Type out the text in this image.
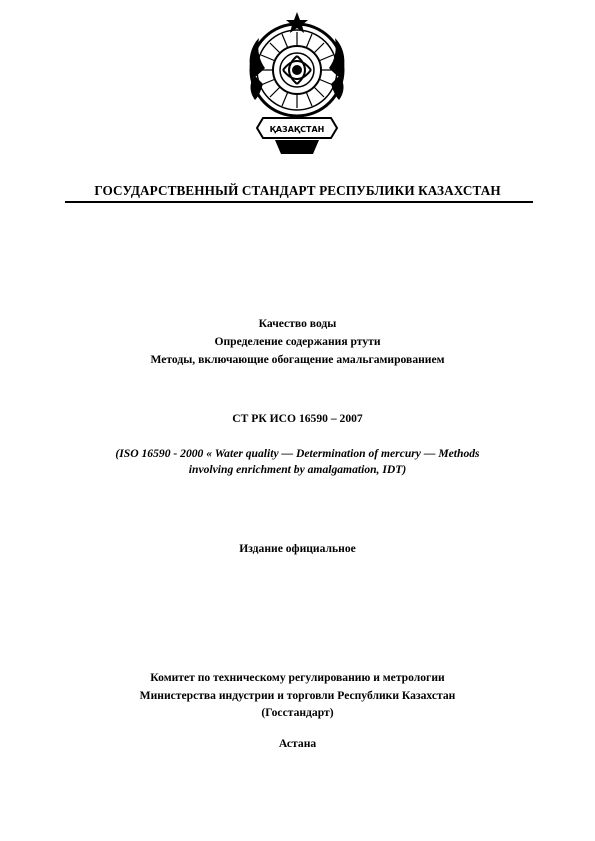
ҚАЗАҚСТАН
ГОСУДАРСТВЕННЫЙ СТАНДАРТ РЕСПУБЛИКИ КАЗАХСТАН
Качество воды
Определение содержания ртути
Методы, включающие обогащение амальгамированием
СТ РК ИСО 16590 – 2007
(ISO 16590 - 2000 « Water quality — Determination of mercury — Methods
involving enrichment by amalgamation, IDT)
Издание официальное
Комитет по техническому регулированию и метрологии
Министерства индустрии и торговли Республики Казахстан
(Госстандарт)
Астана
